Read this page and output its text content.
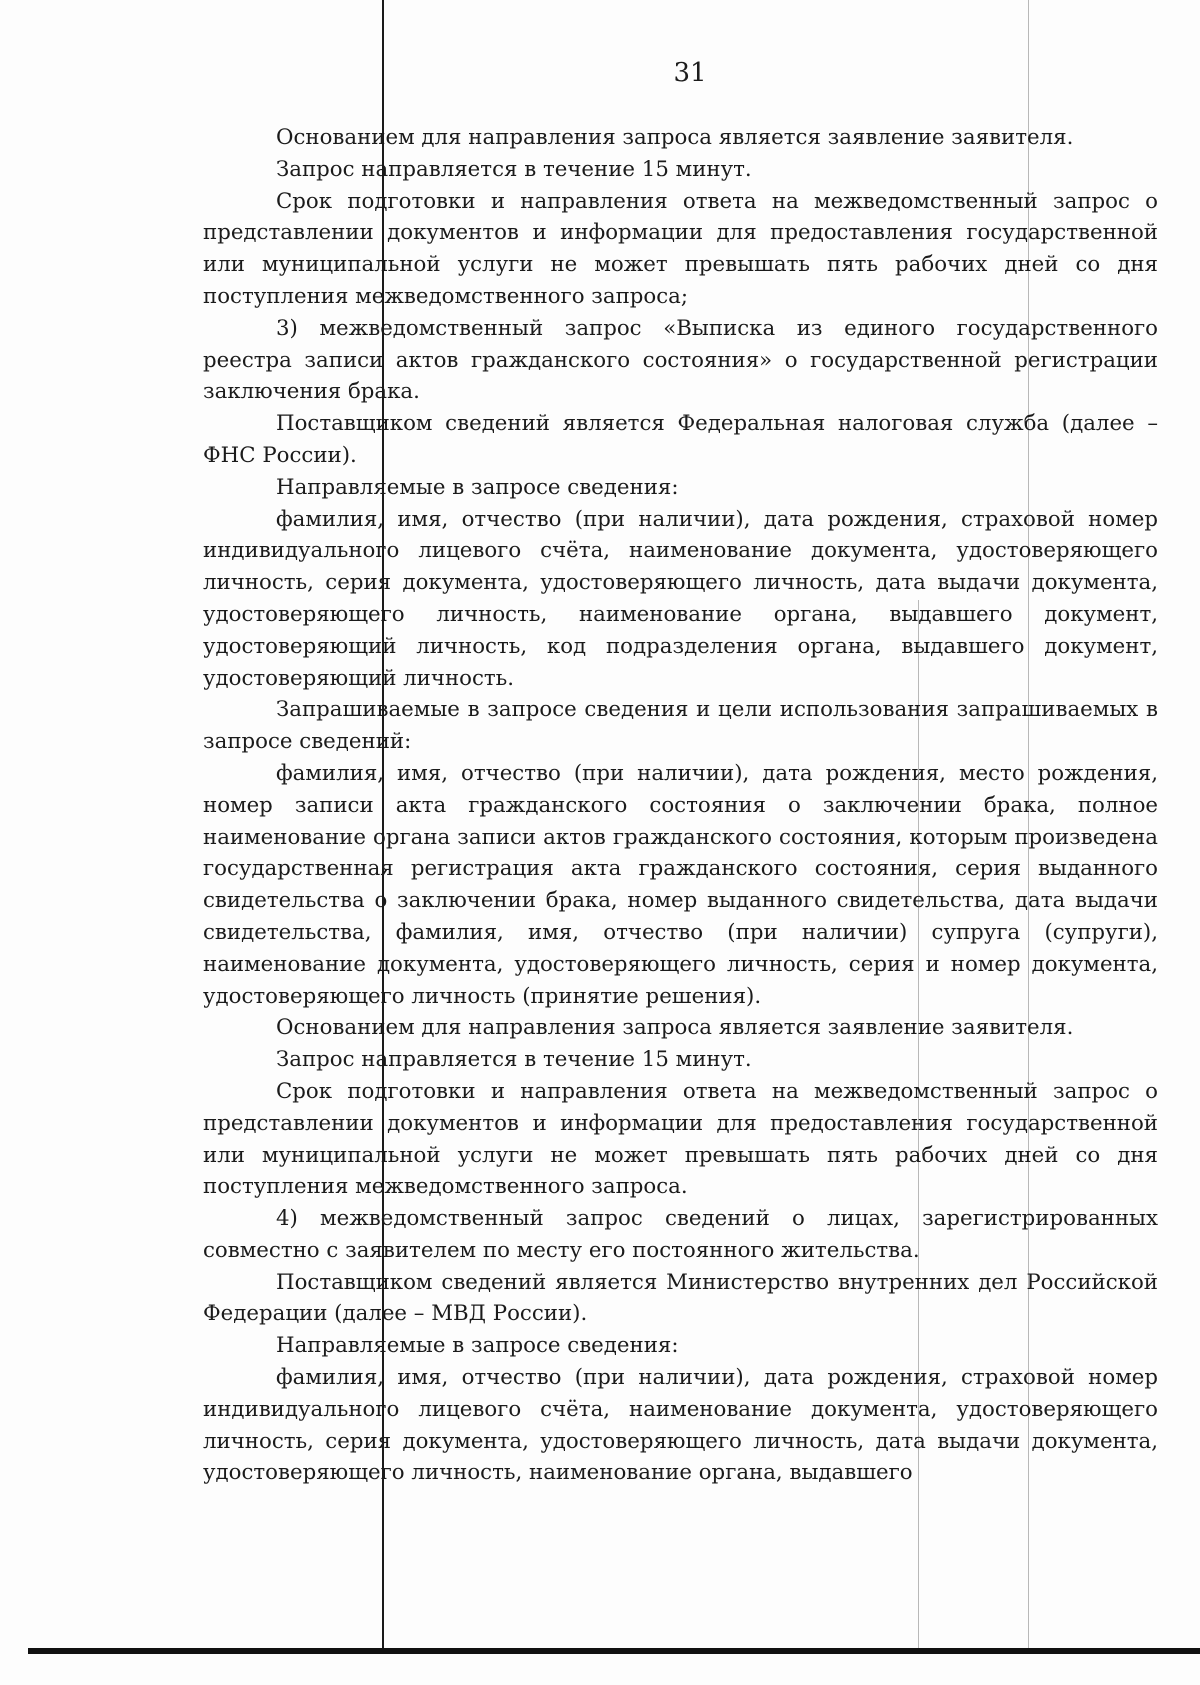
31

Основанием для направления запроса является заявление заявителя.

Запрос направляется в течение 15 минут.

Срок подготовки и направления ответа на межведомственный запрос о представлении документов и информации для предоставления государственной или муниципальной услуги не может превышать пять рабочих дней со дня поступления межведомственного запроса;

3) межведомственный запрос «Выписка из единого государственного реестра записи актов гражданского состояния» о государственной регистрации заключения брака.

Поставщиком сведений является Федеральная налоговая служба (далее – ФНС России).

Направляемые в запросе сведения:

фамилия, имя, отчество (при наличии), дата рождения, страховой номер индивидуального лицевого счёта, наименование документа, удостоверяющего личность, серия документа, удостоверяющего личность, дата выдачи документа, удостоверяющего личность, наименование органа, выдавшего документ, удостоверяющий личность, код подразделения органа, выдавшего документ, удостоверяющий личность.

Запрашиваемые в запросе сведения и цели использования запрашиваемых в запросе сведений:

фамилия, имя, отчество (при наличии), дата рождения, место рождения, номер записи акта гражданского состояния о заключении брака, полное наименование органа записи актов гражданского состояния, которым произведена государственная регистрация акта гражданского состояния, серия выданного свидетельства о заключении брака, номер выданного свидетельства, дата выдачи свидетельства, фамилия, имя, отчество (при наличии) супруга (супруги), наименование документа, удостоверяющего личность, серия и номер документа, удостоверяющего личность (принятие решения).

Основанием для направления запроса является заявление заявителя.

Запрос направляется в течение 15 минут.

Срок подготовки и направления ответа на межведомственный запрос о представлении документов и информации для предоставления государственной или муниципальной услуги не может превышать пять рабочих дней со дня поступления межведомственного запроса.

4) межведомственный запрос сведений о лицах, зарегистрированных совместно с заявителем по месту его постоянного жительства.

Поставщиком сведений является Министерство внутренних дел Российской Федерации (далее – МВД России).

Направляемые в запросе сведения:

фамилия, имя, отчество (при наличии), дата рождения, страховой номер индивидуального лицевого счёта, наименование документа, удостоверяющего личность, серия документа, удостоверяющего личность, дата выдачи документа, удостоверяющего личность, наименование органа, выдавшего
